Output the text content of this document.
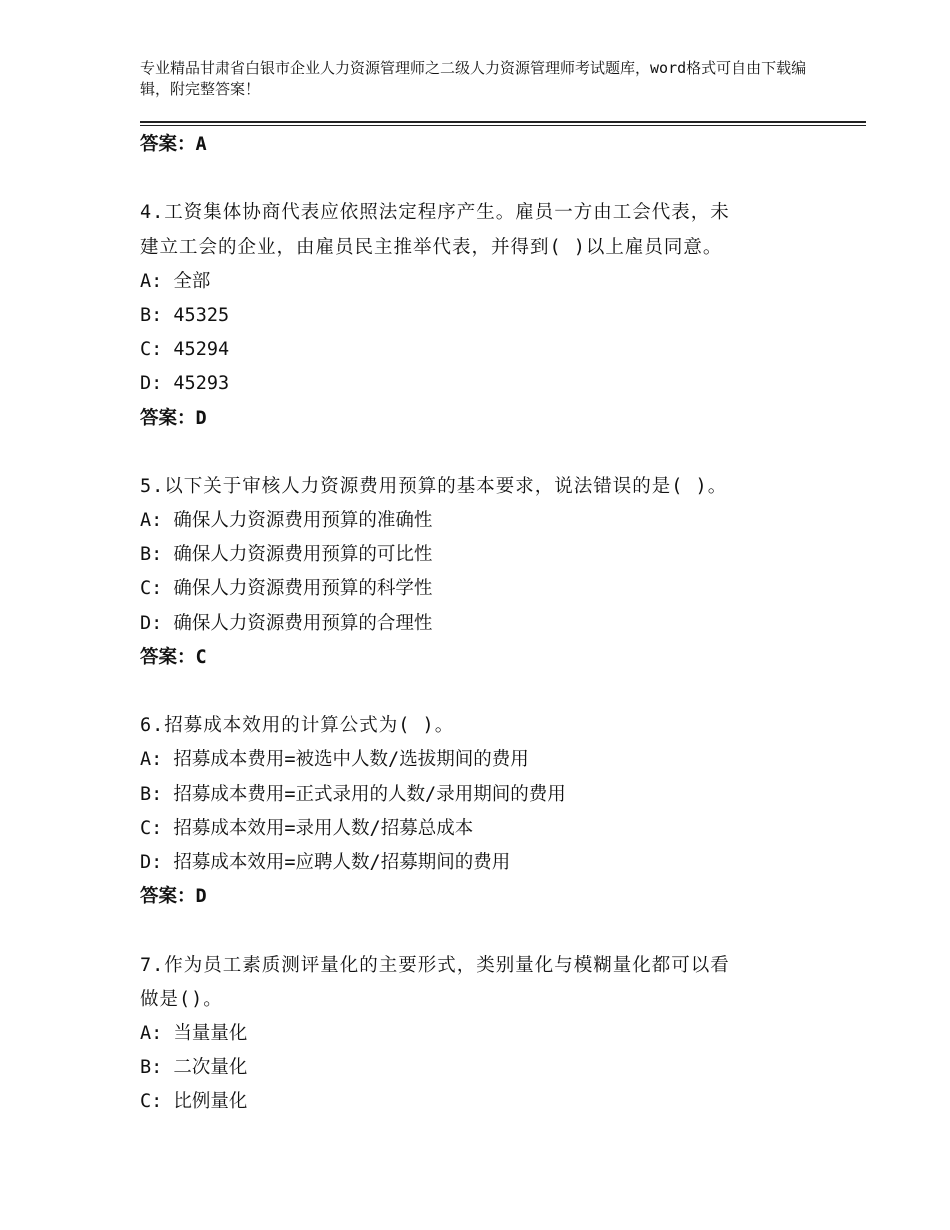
专业精品甘肃省白银市企业人力资源管理师之二级人力资源管理师考试题库，word格式可自由下载编辑，附完整答案！
答案：A
4.工资集体协商代表应依照法定程序产生。雇员一方由工会代表，未
建立工会的企业，由雇员民主推举代表，并得到( )以上雇员同意。
A: 全部
B: 45325
C: 45294
D: 45293
答案：D
5.以下关于审核人力资源费用预算的基本要求，说法错误的是( )。
A: 确保人力资源费用预算的准确性
B: 确保人力资源费用预算的可比性
C: 确保人力资源费用预算的科学性
D: 确保人力资源费用预算的合理性
答案：C
6.招募成本效用的计算公式为( )。
A: 招募成本费用=被选中人数/选拔期间的费用
B: 招募成本费用=正式录用的人数/录用期间的费用
C: 招募成本效用=录用人数/招募总成本
D: 招募成本效用=应聘人数/招募期间的费用
答案：D
7.作为员工素质测评量化的主要形式，类别量化与模糊量化都可以看
做是()。
A: 当量量化
B: 二次量化
C: 比例量化
